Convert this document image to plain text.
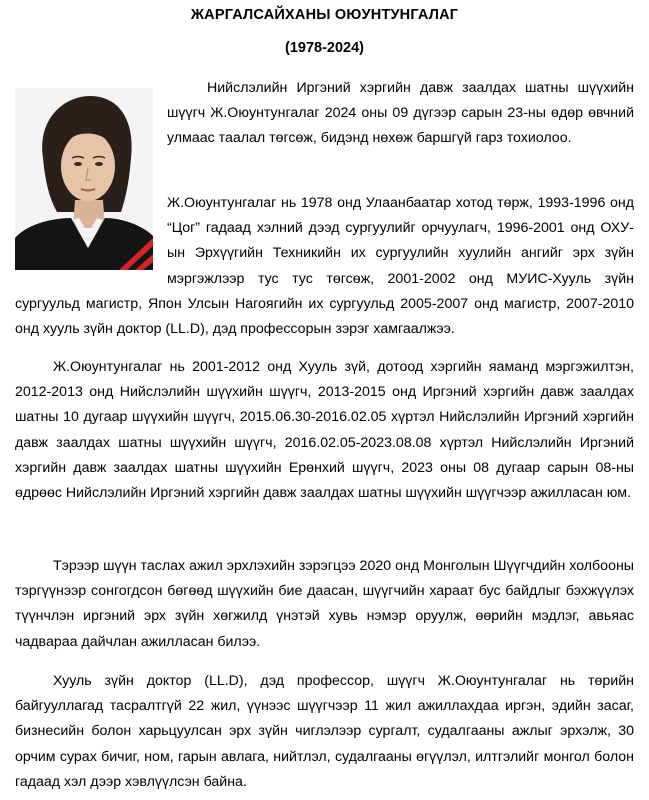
ЖАРГАЛСАЙХАНЫ ОЮУНТУНГАЛАГ
(1978-2024)

Нийслэлийн Иргэний хэргийн давж заалдах шатны шүүхийн шүүгч Ж.Оюунтунгалаг 2024 оны 09 дүгээр сарын 23-ны өдөр өвчний улмаас таалал төгсөж, бидэнд нөхөж баршгүй гарз тохиолоо.

Ж.Оюунтунгалаг нь 1978 онд Улаанбаатар хотод төрж, 1993-1996 онд “Цог” гадаад хэлний дээд сургуулийг орчуулагч, 1996-2001 онд ОХУ-ын Эрхүүгийн Техникийн их сургуулийн хуулийн ангийг эрх зүйн мэргэжлээр тус тус төгсөж, 2001-2002 онд МУИС-Хууль зүйн сургуульд магистр, Япон Улсын Нагоягийн их сургуульд 2005-2007 онд магистр, 2007-2010 онд хууль зүйн доктор (LL.D), дэд профессорын зэрэг хамгаалжээ.

Ж.Оюунтунгалаг нь 2001-2012 онд Хууль зүй, дотоод хэргийн яаманд мэргэжилтэн, 2012-2013 онд Нийслэлийн шүүхийн шүүгч, 2013-2015 онд Иргэний хэргийн давж заалдах шатны 10 дугаар шүүхийн шүүгч, 2015.06.30-2016.02.05 хүртэл Нийслэлийн Иргэний хэргийн давж заалдах шатны шүүхийн шүүгч, 2016.02.05-2023.08.08 хүртэл Нийслэлийн Иргэний хэргийн давж заалдах шатны шүүхийн Ерөнхий шүүгч, 2023 оны 08 дугаар сарын 08-ны өдрөөс Нийслэлийн Иргэний хэргийн давж заалдах шатны шүүхийн шүүгчээр ажилласан юм.

Тэрээр шүүн таслах ажил эрхлэхийн зэрэгцээ 2020 онд Монголын Шүүгчдийн холбооны тэргүүнээр сонгогдсон бөгөөд шүүхийн бие даасан, шүүгчийн хараат бус байдлыг бэхжүүлэх түүнчлэн иргэний эрх зүйн хөгжилд үнэтэй хувь нэмэр оруулж, өөрийн мэдлэг, авьяас чадвараа дайчлан ажилласан билээ.

Хууль зүйн доктор (LL.D), дэд профессор, шүүгч Ж.Оюунтунгалаг нь төрийн байгууллагад тасралтгүй 22 жил, үүнээс шүүгчээр 11 жил ажиллахдаа иргэн, эдийн засаг, бизнесийн болон харьцуулсан эрх зүйн чиглэлээр сургалт, судалгааны ажлыг эрхэлж, 30 орчим сурах бичиг, ном, гарын авлага, нийтлэл, судалгааны өгүүлэл, илтгэлийг монгол болон гадаад хэл дээр хэвлүүлсэн байна.
